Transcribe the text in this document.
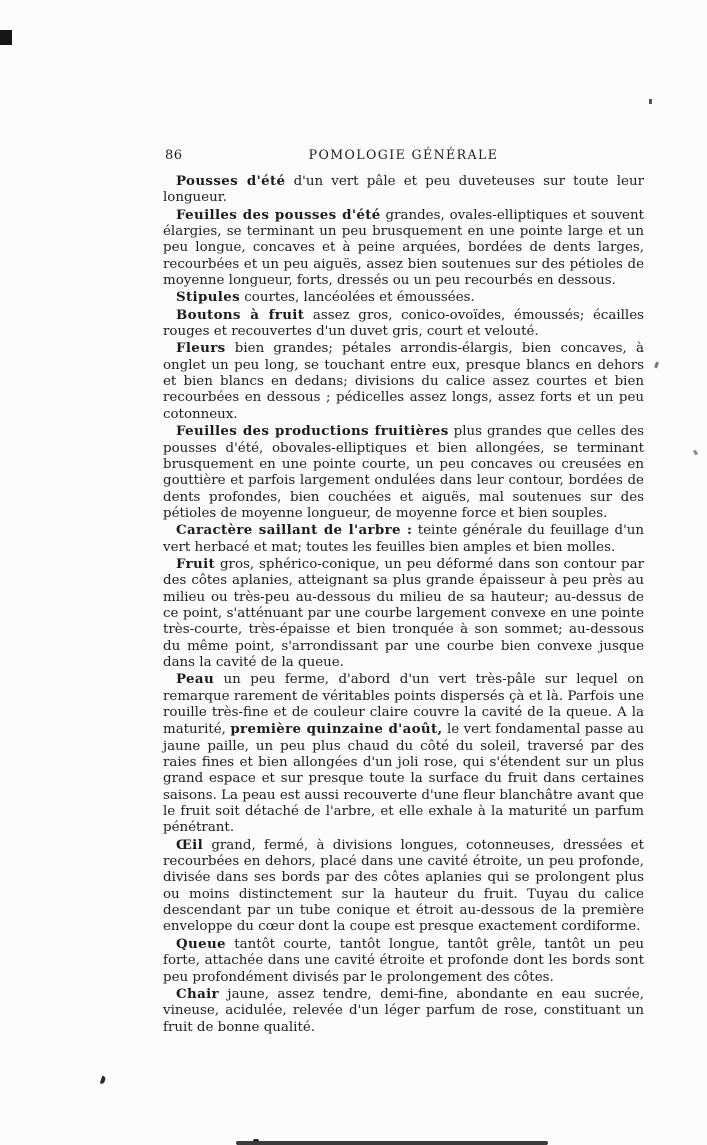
86	POMOLOGIE GÉNÉRALE

Pousses d'été d'un vert pâle et peu duveteuses sur toute leur longueur.

Feuilles des pousses d'été grandes, ovales-elliptiques et souvent élargies, se terminant un peu brusquement en une pointe large et un peu longue, concaves et à peine arquées, bordées de dents larges, recourbées et un peu aiguës, assez bien soutenues sur des pétioles de moyenne longueur, forts, dressés ou un peu recourbés en dessous.

Stipules courtes, lancéolées et émoussées.

Boutons à fruit assez gros, conico-ovoïdes, émoussés; écailles rouges et recouvertes d'un duvet gris, court et velouté.

Fleurs bien grandes; pétales arrondis-élargis, bien concaves, à onglet un peu long, se touchant entre eux, presque blancs en dehors et bien blancs en dedans; divisions du calice assez courtes et bien recourbées en dessous ; pédicelles assez longs, assez forts et un peu cotonneux.

Feuilles des productions fruitières plus grandes que celles des pousses d'été, obovales-elliptiques et bien allongées, se terminant brusquement en une pointe courte, un peu concaves ou creusées en gouttière et parfois largement ondulées dans leur contour, bordées de dents profondes, bien couchées et aiguës, mal soutenues sur des pétioles de moyenne longueur, de moyenne force et bien souples.

Caractère saillant de l'arbre : teinte générale du feuillage d'un vert herbacé et mat; toutes les feuilles bien amples et bien molles.

Fruit gros, sphérico-conique, un peu déformé dans son contour par des côtes aplanies, atteignant sa plus grande épaisseur à peu près au milieu ou très-peu au-dessous du milieu de sa hauteur; au-dessus de ce point, s'atténuant par une courbe largement convexe en une pointe très-courte, très-épaisse et bien tronquée à son sommet; au-dessous du même point, s'arrondissant par une courbe bien convexe jusque dans la cavité de la queue.

Peau un peu ferme, d'abord d'un vert très-pâle sur lequel on remarque rarement de véritables points dispersés çà et là. Parfois une rouille très-fine et de couleur claire couvre la cavité de la queue. A la maturité, première quinzaine d'août, le vert fondamental passe au jaune paille, un peu plus chaud du côté du soleil, traversé par des raies fines et bien allongées d'un joli rose, qui s'étendent sur un plus grand espace et sur presque toute la surface du fruit dans certaines saisons. La peau est aussi recouverte d'une fleur blanchâtre avant que le fruit soit détaché de l'arbre, et elle exhale à la maturité un parfum pénétrant.

Œil grand, fermé, à divisions longues, cotonneuses, dressées et recourbées en dehors, placé dans une cavité étroite, un peu profonde, divisée dans ses bords par des côtes aplanies qui se prolongent plus ou moins distinctement sur la hauteur du fruit. Tuyau du calice descendant par un tube conique et étroit au-dessous de la première enveloppe du cœur dont la coupe est presque exactement cordiforme.

Queue tantôt courte, tantôt longue, tantôt grêle, tantôt un peu forte, attachée dans une cavité étroite et profonde dont les bords sont peu profondément divisés par le prolongement des côtes.

Chair jaune, assez tendre, demi-fine, abondante en eau sucrée, vineuse, acidulée, relevée d'un léger parfum de rose, constituant un fruit de bonne qualité.
